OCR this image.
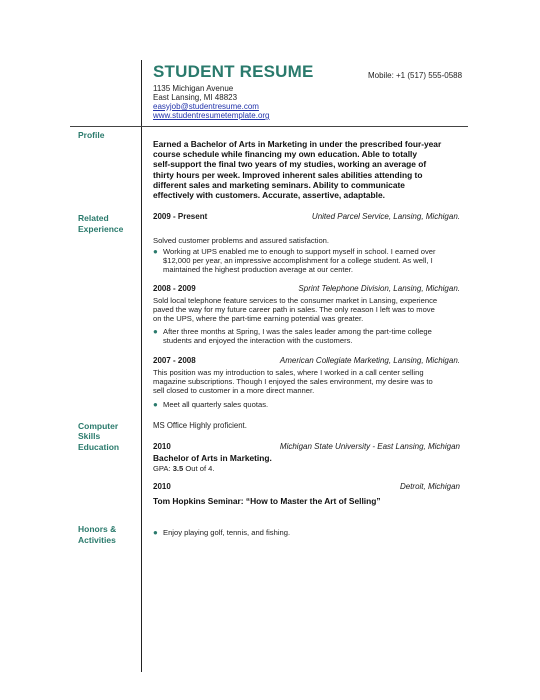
STUDENT RESUME	Mobile: +1 (517) 555-0588
1135 Michigan Avenue
East Lansing, MI 48823
easyjob@studentresume.com
www.studentresumetemplate.org
Profile
Related
Experience
Computer
Skills
Education
Honors &
Activities
Earned a Bachelor of Arts in Marketing in under the prescribed four-year
course schedule while financing my own education. Able to totally
self-support the final two years of my studies, working an average of
thirty hours per week. Improved inherent sales abilities attending to
different sales and marketing seminars. Ability to communicate
effectively with customers. Accurate, assertive, adaptable.
2009 - Present	United Parcel Service, Lansing, Michigan.
Solved customer problems and assured satisfaction.
● Working at UPS enabled me to enough to support myself in school. I earned over
$12,000 per year, an impressive accomplishment for a college student. As well, I
maintained the highest production average at our center.
2008 - 2009	Sprint Telephone Division, Lansing, Michigan.
Sold local telephone feature services to the consumer market in Lansing, experience
paved the way for my future career path in sales. The only reason I left was to move
on the UPS, where the part-time earning potential was greater.
● After three months at Spring, I was the sales leader among the part-time college
students and enjoyed the interaction with the customers.
2007 - 2008	American Collegiate Marketing, Lansing, Michigan.
This position was my introduction to sales, where I worked in a call center selling
magazine subscriptions. Though I enjoyed the sales environment, my desire was to
sell closed to customer in a more direct manner.
● Meet all quarterly sales quotas.
MS Office Highly proficient.
2010	Michigan State University - East Lansing, Michigan
Bachelor of Arts in Marketing.
GPA: 3.5 Out of 4.
2010	Detroit, Michigan
Tom Hopkins Seminar: “How to Master the Art of Selling”
● Enjoy playing golf, tennis, and fishing.
